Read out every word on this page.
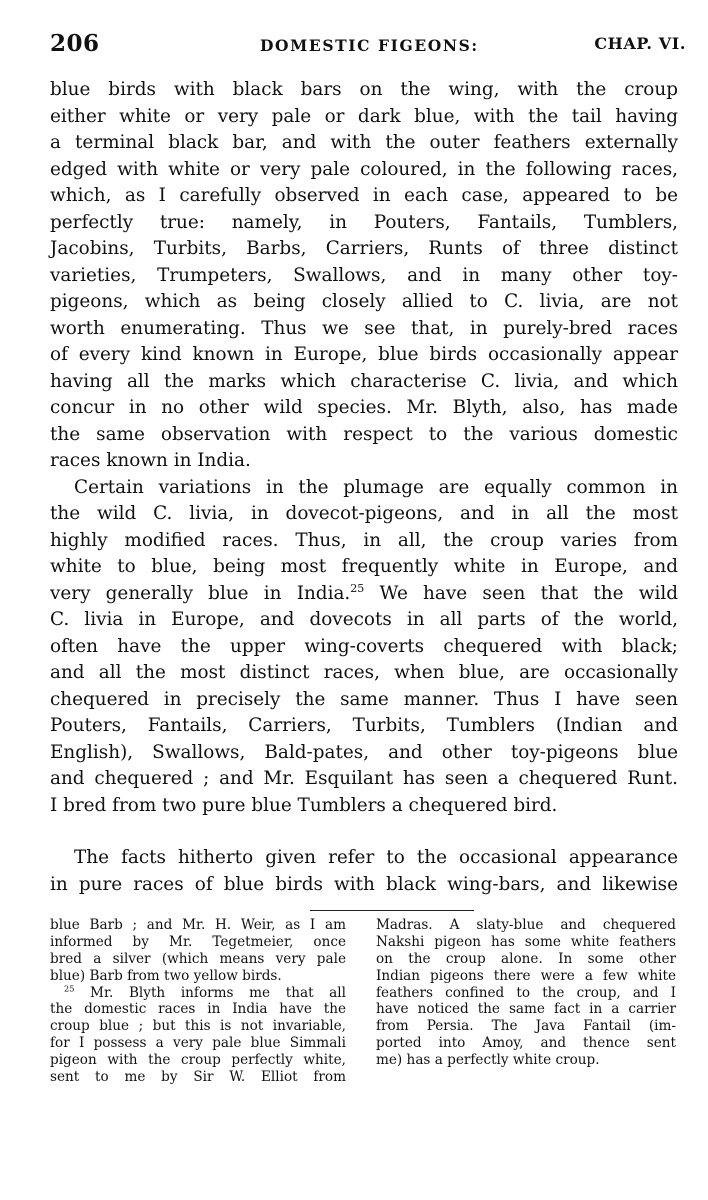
206	DOMESTIC FIGEONS:	CHAP. VI.
blue birds with black bars on the wing, with the croup
either white or very pale or dark blue, with the tail having
a terminal black bar, and with the outer feathers externally
edged with white or very pale coloured, in the following races,
which, as I carefully observed in each case, appeared to be
perfectly true: namely, in Pouters, Fantails, Tumblers,
Jacobins, Turbits, Barbs, Carriers, Runts of three distinct
varieties, Trumpeters, Swallows, and in many other toy-
pigeons, which as being closely allied to C. livia, are not
worth enumerating. Thus we see that, in purely-bred races
of every kind known in Europe, blue birds occasionally appear
having all the marks which characterise C. livia, and which
concur in no other wild species. Mr. Blyth, also, has made
the same observation with respect to the various domestic
races known in India.
Certain variations in the plumage are equally common in
the wild C. livia, in dovecot-pigeons, and in all the most
highly modified races. Thus, in all, the croup varies from
white to blue, being most frequently white in Europe, and
very generally blue in India.$^{25}$ We have seen that the wild
C. livia in Europe, and dovecots in all parts of the world,
often have the upper wing-coverts chequered with black;
and all the most distinct races, when blue, are occasionally
chequered in precisely the same manner. Thus I have seen
Pouters, Fantails, Carriers, Turbits, Tumblers (Indian and
English), Swallows, Bald-pates, and other toy-pigeons blue
and chequered ; and Mr. Esquilant has seen a chequered Runt.
I bred from two pure blue Tumblers a chequered bird.
The facts hitherto given refer to the occasional appearance
in pure races of blue birds with black wing-bars, and likewise
blue Barb ; and Mr. H. Weir, as I am
informed by Mr. Tegetmeier, once
bred a silver (which means very pale
blue) Barb from two yellow birds.
$^{25}$ Mr. Blyth informs me that all
the domestic races in India have the
croup blue ; but this is not invariable,
for I possess a very pale blue Simmali
pigeon with the croup perfectly white,
sent to me by Sir W. Elliot from
Madras. A slaty-blue and chequered
Nakshi pigeon has some white feathers
on the croup alone. In some other
Indian pigeons there were a few white
feathers confined to the croup, and I
have noticed the same fact in a carrier
from Persia. The Java Fantail (im-
ported into Amoy, and thence sent
me) has a perfectly white croup.
